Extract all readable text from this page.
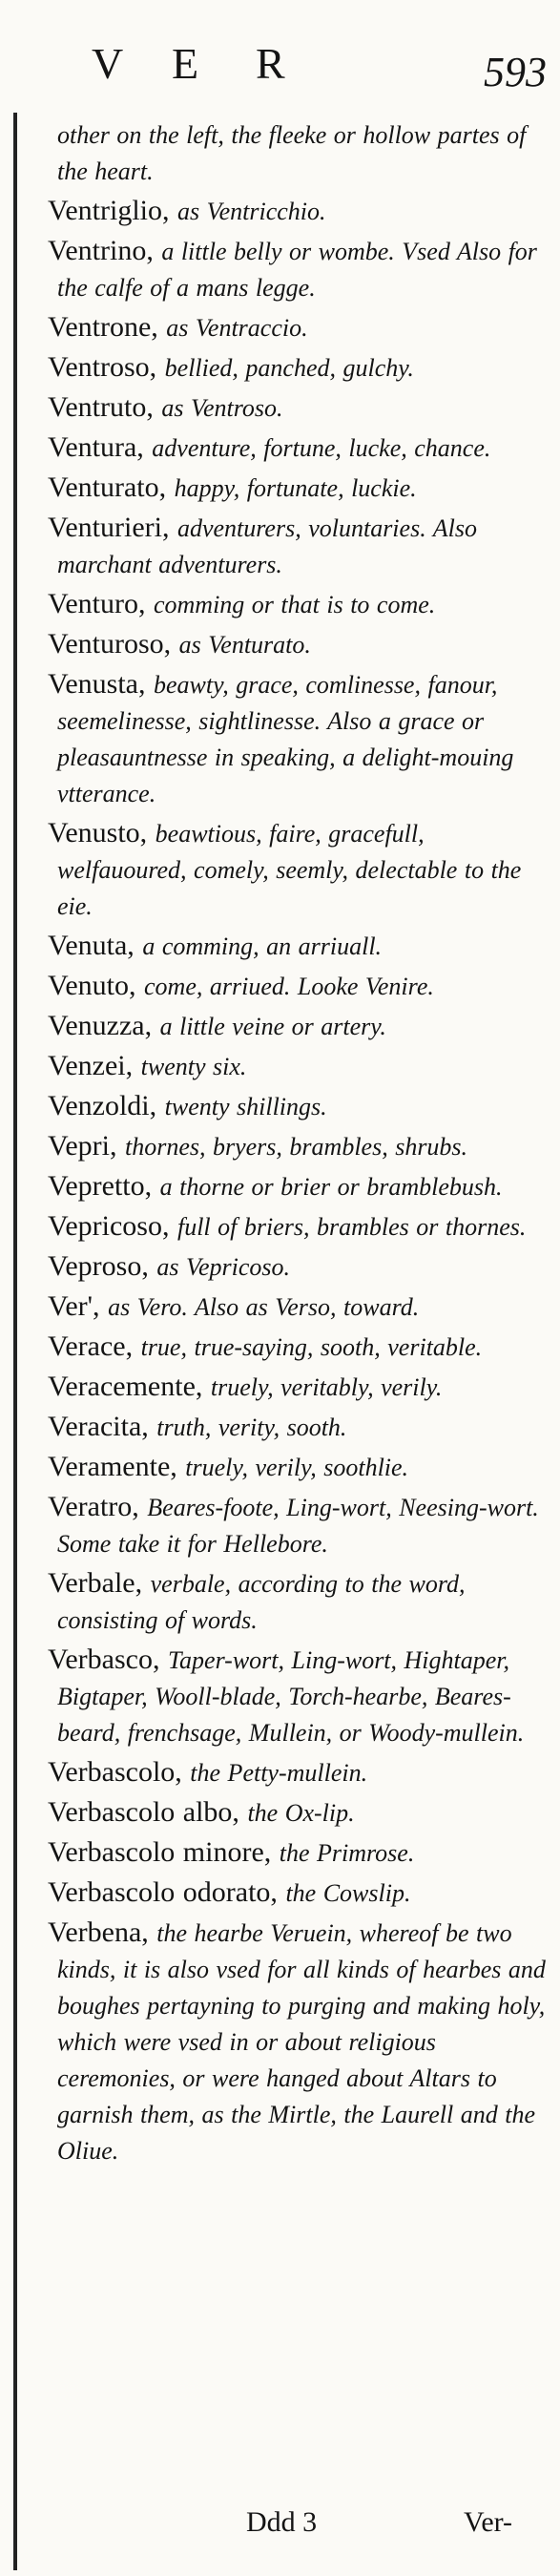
V E R	593
other on the left, the fleeke or hollow partes of the heart.
Ventriglio, as Ventricchio.
Ventrino, a little belly or wombe. Vsed Also for the calfe of a mans legge.
Ventrone, as Ventraccio.
Ventroso, bellied, panched, gulchy.
Ventruto, as Ventroso.
Ventura, adventure, fortune, lucke, chance.
Venturato, happy, fortunate, luckie.
Venturieri, adventurers, voluntaries. Also marchant adventurers.
Venturo, comming or that is to come.
Venturoso, as Venturato.
Venusta, beawty, grace, comlinesse, fanour, seemelinesse, sightlinesse. Also a grace or pleasauntnesse in speaking, a delight-mouing vtterance.
Venusto, beawtious, faire, gracefull, welfauoured, comely, seemly, delectable to the eie.
Venuta, a comming, an arriuall.
Venuto, come, arriued. Looke Venire.
Venuzza, a little veine or artery.
Venzei, twenty six.
Venzoldi, twenty shillings.
Vepri, thornes, bryers, brambles, shrubs.
Vepretto, a thorne or brier or bramblebush.
Vepricoso, full of briers, brambles or thornes.
Veproso, as Vepricoso.
Ver', as Vero. Also as Verso, toward.
Verace, true, true-saying, sooth, veritable.
Veracemente, truely, veritably, verily.
Veracita, truth, verity, sooth.
Veramente, truely, verily, soothlie.
Veratro, Beares-foote, Ling-wort, Neesing-wort. Some take it for Hellebore.
Verbale, verbale, according to the word, consisting of words.
Verbasco, Taper-wort, Ling-wort, Hightaper, Bigtaper, Wooll-blade, Torch-hearbe, Beares-beard, frenchsage, Mullein, or Woody-mullein.
Verbascolo, the Petty-mullein.
Verbascolo albo, the Ox-lip.
Verbascolo minore, the Primrose.
Verbascolo odorato, the Cowslip.
Verbena, the hearbe Veruein, whereof be two kinds, it is also vsed for all kinds of hearbes and boughes pertayning to purging and making holy, which were vsed in or about religious ceremonies, or were hanged about Altars to garnish them, as the Mirtle, the Laurell and the Oliue.
Ddd 3	Ver-
